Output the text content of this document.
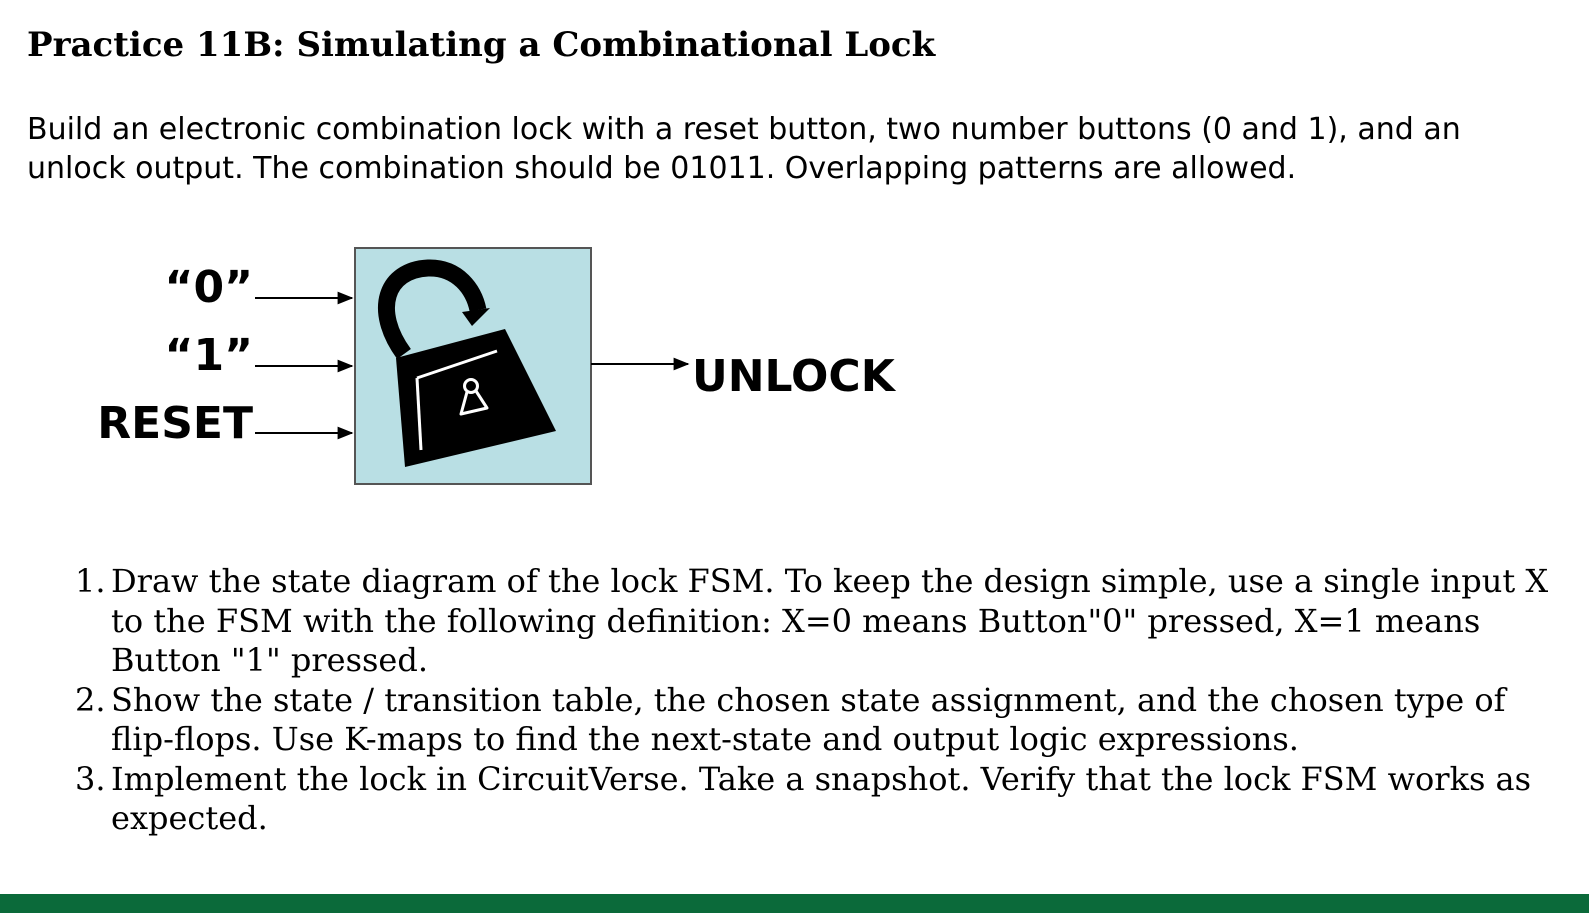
Practice 11B: Simulating a Combinational Lock

Build an electronic combination lock with a reset button, two number buttons (0 and 1), and an unlock output. The combination should be 01011. Overlapping patterns are allowed.

“0”
“1”
RESET
UNLOCK
1. Draw the state diagram of the lock FSM. To keep the design simple, use a single input X to the FSM with the following definition: X=0 means Button"0" pressed, X=1 means Button "1" pressed.
2. Show the state / transition table, the chosen state assignment, and the chosen type of flip-flops. Use K-maps to find the next-state and output logic expressions.
3. Implement the lock in CircuitVerse. Take a snapshot. Verify that the lock FSM works as expected.
